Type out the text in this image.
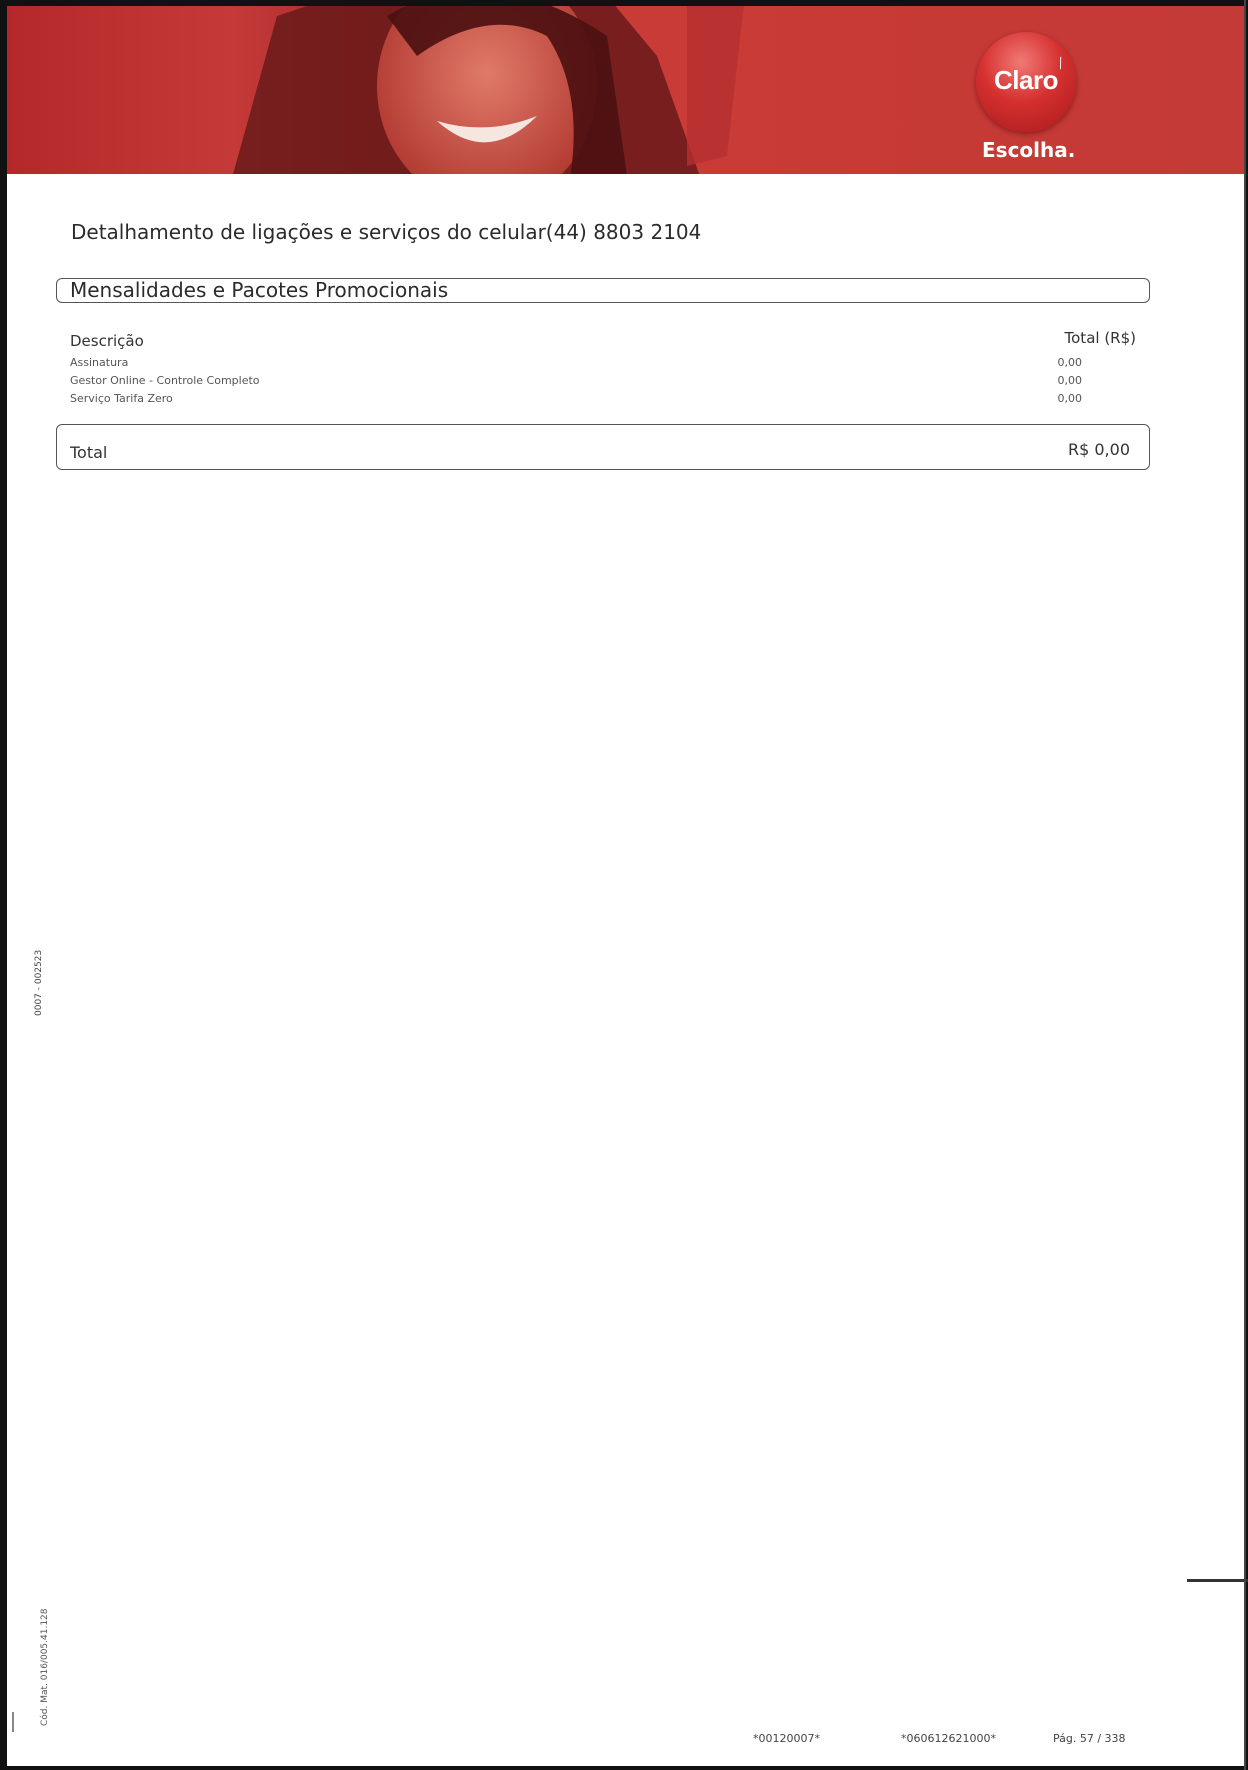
Claro
⁄
Escolha.
Detalhamento de ligações e serviços do celular(44) 8803 2104
Mensalidades e Pacotes Promocionais
Descrição	Total (R$)
Assinatura	0,00
Gestor Online - Controle Completo	0,00
Serviço Tarifa Zero	0,00
Total	R$ 0,00
0007 - 002523
Cód. Mat. 016/005.41.128
*00120007*	*060612621000*	Pág. 57 / 338
